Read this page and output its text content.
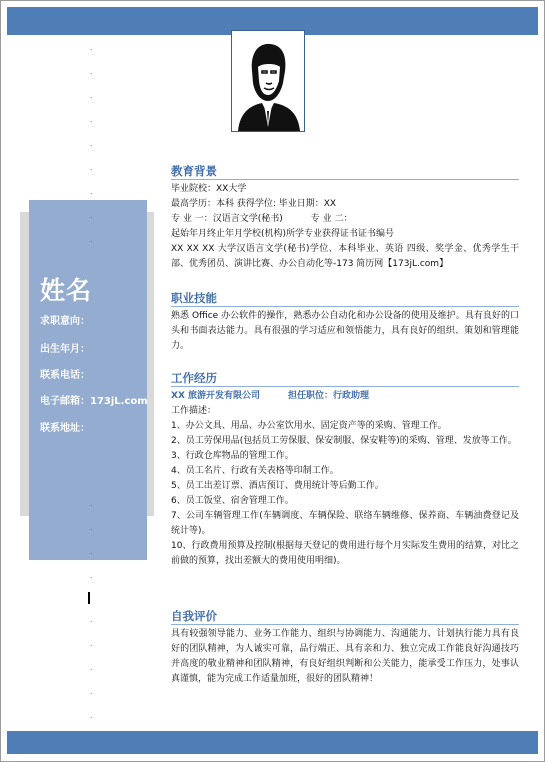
姓名
求职意向：
出生年月：
联系电话：
电子邮箱：173jL.com
联系地址：
.
.
.
.
.
.
.
.
.
.
.
.
.
.
.
.
.
.
教育背景
毕业院校：XX大学
最高学历：本科 获得学位: 毕业日期：XX
专 业 一：汉语言文学(秘书)	专 业 二：
起始年月终止年月学校(机构)所学专业获得证书证书编号
XX XX XX 大学汉语言文学(秘书)学位、本科毕业、英语 四级、奖学金、优秀学生干部、优秀团员、演讲比赛、办公自动化等-173 简历网【173jL.com】
职业技能
熟悉 Office 办公软件的操作，熟悉办公自动化和办公设备的使用及维护。具有良好的口头和书面表达能力。具有很强的学习适应和领悟能力，具有良好的组织、策划和管理能力。
工作经历
XX 旅游开发有限公司	担任职位：行政助理
工作描述：
1、办公文具、用品、办公室饮用水、固定资产等的采购、管理工作。
2、员工劳保用品(包括员工劳保服、保安制服、保安鞋等)的采购、管理、发放等工作。
3、行政仓库物品的管理工作。
4、员工名片、行政有关表格等印制工作。
5、员工出差订票、酒店预订、费用统计等后勤工作。
6、员工饭堂、宿舍管理工作。
7、公司车辆管理工作(车辆调度、车辆保险、联络车辆维修、保养商、车辆油费登记及统计等)。
10、行政费用预算及控制(根据每天登记的费用进行每个月实际发生费用的结算，对比之前做的预算，找出差额大的费用使用明细)。
自我评价
具有较强领导能力、业务工作能力、组织与协调能力、沟通能力、计划执行能力具有良好的团队精神，为人诚实可靠，品行端正、具有亲和力、独立完成工作能良好沟通技巧并高度的敬业精神和团队精神，有良好组织判断和公关能力，能承受工作压力，处事认真谨慎，能为完成工作适量加班，很好的团队精神！
